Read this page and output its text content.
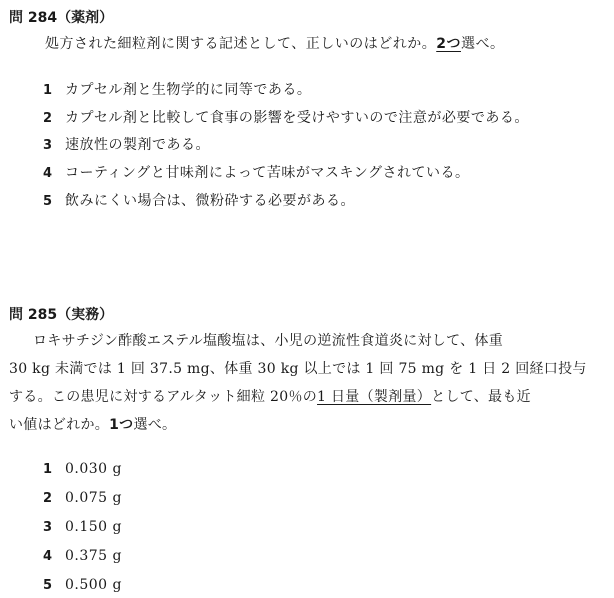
問 284（薬剤）
処方された細粒剤に関する記述として、正しいのはどれか。2つ選べ。
1 カプセル剤と生物学的に同等である。
2 カプセル剤と比較して食事の影響を受けやすいので注意が必要である。
3 速放性の製剤である。
4 コーティングと甘味剤によって苦味がマスキングされている。
5 飲みにくい場合は、微粉砕する必要がある。
問 285（実務）
ロキサチジン酢酸エステル塩酸塩は、小児の逆流性食道炎に対して、体重
30 kg 未満では 1 回 37.5 mg、体重 30 kg 以上では 1 回 75 mg を 1 日 2 回経口投与
する。この患児に対するアルタット細粒 20％の1 日量（製剤量）として、最も近
い値はどれか。1つ選べ。
1 0.030 g
2 0.075 g
3 0.150 g
4 0.375 g
5 0.500 g
